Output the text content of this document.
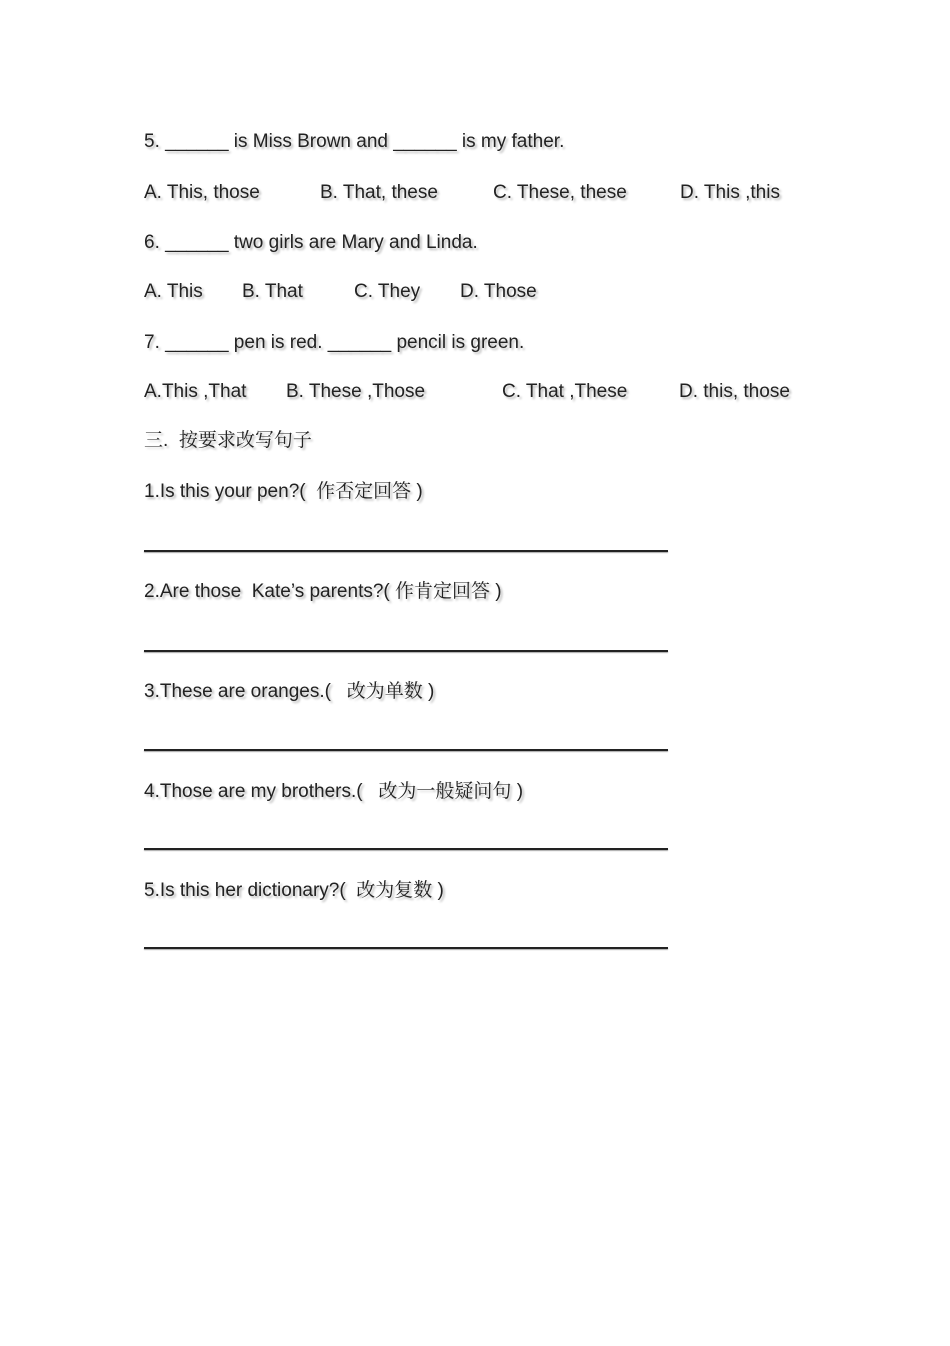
5. ______ is Miss Brown and ______ is my father.
A. This, those	B. That, these	C. These, these	D. This ,this
6. ______ two girls are Mary and Linda.
A. This B. That	C. They D. Those
7. ______ pen is red. ______ pencil is green.
A.This ,That B. These ,Those	C. That ,These	D. this, those
三.  按要求改写句子
1.Is this your pen?(  作否定回答 )
2.Are those  Kate’s parents?( 作肯定回答 )
3.These are oranges.(   改为单数 )
4.Those are my brothers.(   改为一般疑问句 )
5.Is this her dictionary?(  改为复数 )
